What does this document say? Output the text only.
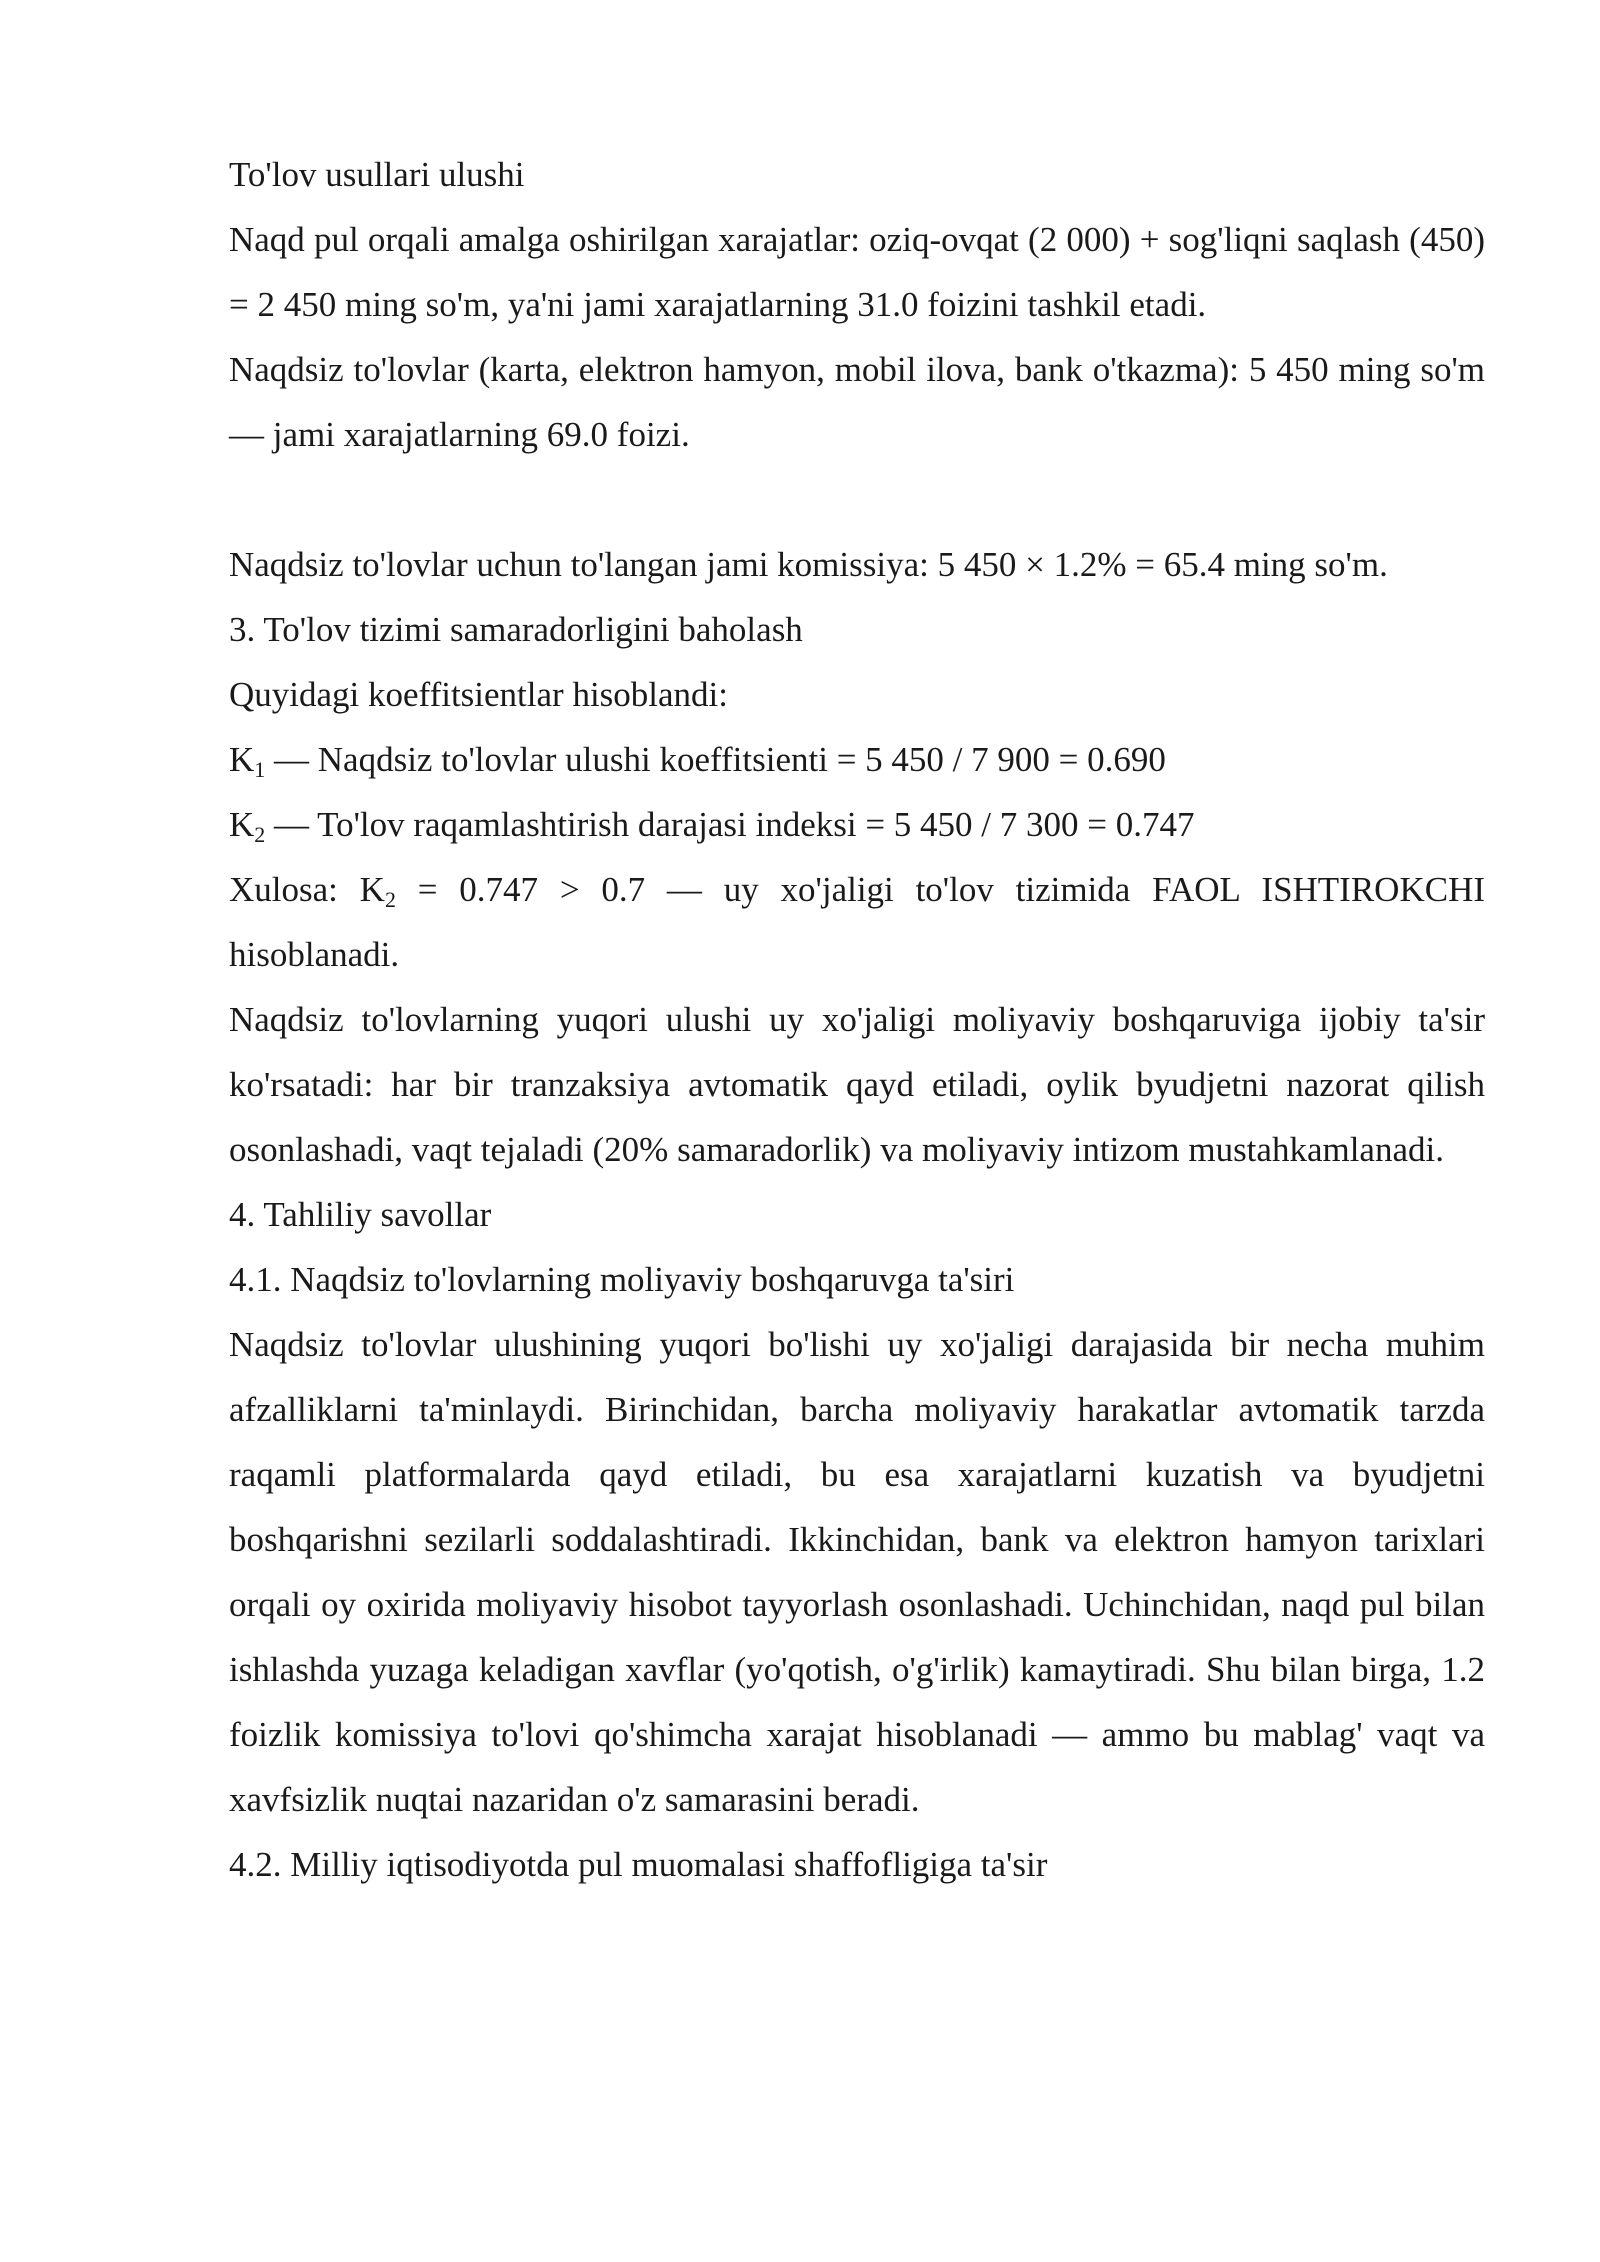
To'lov usullari ulushi

Naqd pul orqali amalga oshirilgan xarajatlar: oziq-ovqat (2 000) + sog'liqni saqlash (450) = 2 450 ming so'm, ya'ni jami xarajatlarning 31.0 foizini tashkil etadi.

Naqdsiz to'lovlar (karta, elektron hamyon, mobil ilova, bank o'tkazma): 5 450 ming so'm — jami xarajatlarning 69.0 foizi.

Naqdsiz to'lovlar uchun to'langan jami komissiya: 5 450 × 1.2% = 65.4 ming so'm.

3. To'lov tizimi samaradorligini baholash

Quyidagi koeffitsientlar hisoblandi:

$K_1$ — Naqdsiz to'lovlar ulushi koeffitsienti = 5 450 / 7 900 = 0.690

$K_2$ — To'lov raqamlashtirish darajasi indeksi = 5 450 / 7 300 = 0.747

Xulosa: $K_2 = 0.747 > 0.7$ — uy xo'jaligi to'lov tizimida FAOL ISHTIROKCHI hisoblanadi.

Naqdsiz to'lovlarning yuqori ulushi uy xo'jaligi moliyaviy boshqaruviga ijobiy ta'sir ko'rsatadi: har bir tranzaksiya avtomatik qayd etiladi, oylik byudjetni nazorat qilish osonlashadi, vaqt tejaladi (20% samaradorlik) va moliyaviy intizom mustahkamlanadi.

4. Tahliliy savollar

4.1. Naqdsiz to'lovlarning moliyaviy boshqaruvga ta'siri

Naqdsiz to'lovlar ulushining yuqori bo'lishi uy xo'jaligi darajasida bir necha muhim afzalliklarni ta'minlaydi. Birinchidan, barcha moliyaviy harakatlar avtomatik tarzda raqamli platformalarda qayd etiladi, bu esa xarajatlarni kuzatish va byudjetni boshqarishni sezilarli soddalashtiradi. Ikkinchidan, bank va elektron hamyon tarixlari orqali oy oxirida moliyaviy hisobot tayyorlash osonlashadi. Uchinchidan, naqd pul bilan ishlashda yuzaga keladigan xavflar (yo'qotish, o'g'irlik) kamaytiradi. Shu bilan birga, 1.2 foizlik komissiya to'lovi qo'shimcha xarajat hisoblanadi — ammo bu mablag' vaqt va xavfsizlik nuqtai nazaridan o'z samarasini beradi.

4.2. Milliy iqtisodiyotda pul muomalasi shaffofligiga ta'sir
